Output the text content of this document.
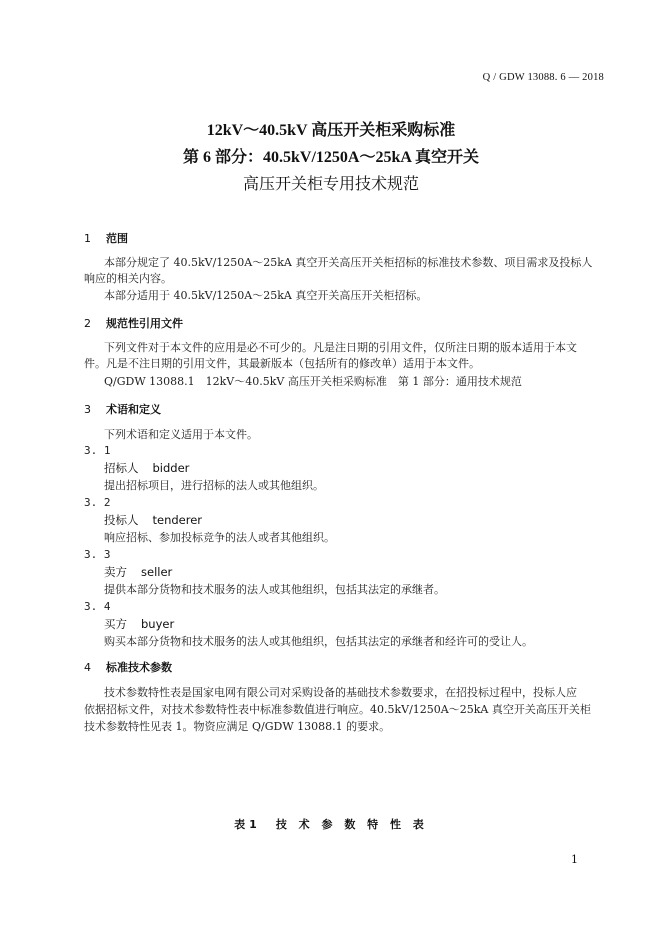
Q / GDW 13088. 6 — 2018
12kV～40.5kV 高压开关柜采购标准
第 6 部分：40.5kV/1250A～25kA 真空开关
高压开关柜专用技术规范
1 范围
本部分规定了 40.5kV/1250A～25kA 真空开关高压开关柜招标的标准技术参数、项目需求及投标人
响应的相关内容。
本部分适用于 40.5kV/1250A～25kA 真空开关高压开关柜招标。
2 规范性引用文件
下列文件对于本文件的应用是必不可少的。凡是注日期的引用文件，仅所注日期的版本适用于本文
件。凡是不注日期的引用文件，其最新版本（包括所有的修改单）适用于本文件。
Q/GDW 13088.1　12kV～40.5kV 高压开关柜采购标准　第 1 部分：通用技术规范
3 术语和定义
下列术语和定义适用于本文件。
3. 1
招标人 bidder
提出招标项目，进行招标的法人或其他组织。
3. 2
投标人 tenderer
响应招标、参加投标竞争的法人或者其他组织。
3. 3
卖方 seller
提供本部分货物和技术服务的法人或其他组织，包括其法定的承继者。
3. 4
买方 buyer
购买本部分货物和技术服务的法人或其他组织，包括其法定的承继者和经许可的受让人。
4 标准技术参数
技术参数特性表是国家电网有限公司对采购设备的基础技术参数要求，在招投标过程中，投标人应
依据招标文件，对技术参数特性表中标准参数值进行响应。40.5kV/1250A～25kA 真空开关高压开关柜
技术参数特性见表 1。物资应满足 Q/GDW 13088.1 的要求。
表1　技 术 参 数 特 性 表
1
